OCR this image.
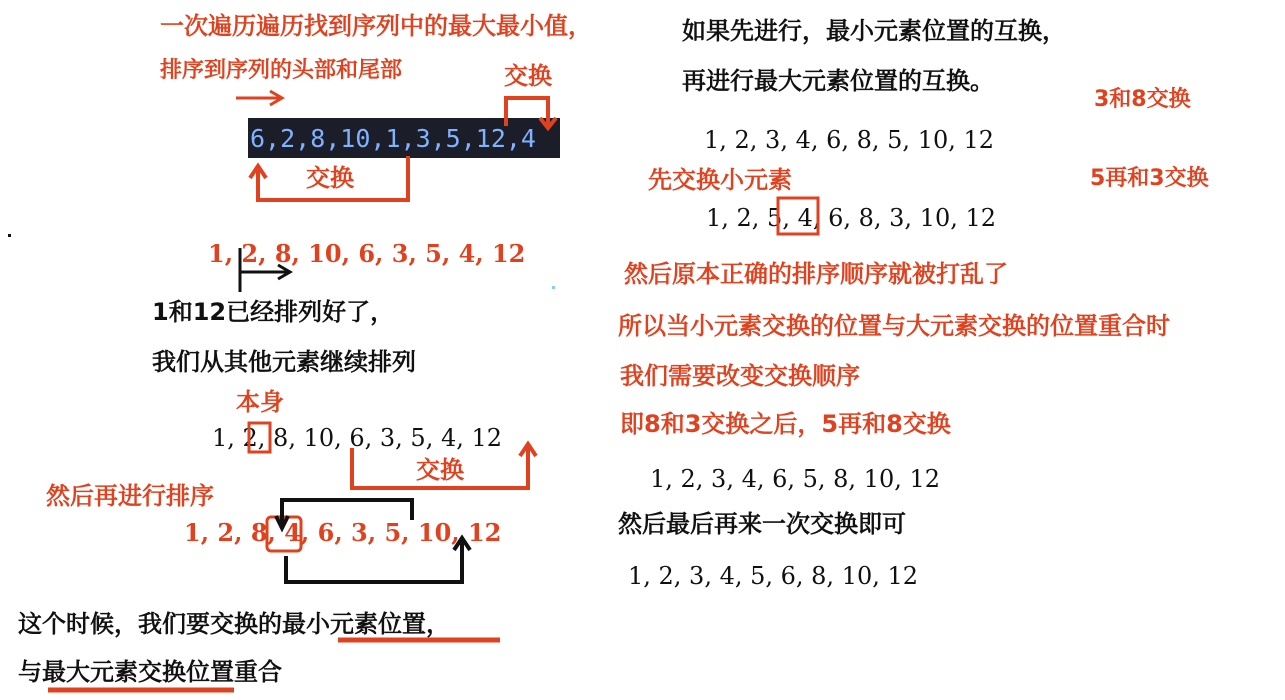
一次遍历遍历找到序列中的最大最小值，
排序到序列的头部和尾部	交换
6,2,8,10,1,3,5,12,4
交换
1, 2, 8, 10, 6, 3, 5, 4, 12
1和12已经排列好了，
我们从其他元素继续排列
本身
1, 2, 8, 10, 6, 3, 5, 4, 12
交换
然后再进行排序
1, 2, 8, 4, 6, 3, 5, 10, 12
这个时候，我们要交换的最小元素位置，
与最大元素交换位置重合
如果先进行，最小元素位置的互换，
再进行最大元素位置的互换。
3和8交换
1, 2, 3, 4, 6, 8, 5, 10, 12
先交换小元素	5再和3交换
1, 2, 5, 4, 6, 8, 3, 10, 12
然后原本正确的排序顺序就被打乱了
所以当小元素交换的位置与大元素交换的位置重合时
我们需要改变交换顺序
即8和3交换之后，5再和8交换
1, 2, 3, 4, 6, 5, 8, 10, 12
然后最后再来一次交换即可
1, 2, 3, 4, 5, 6, 8, 10, 12
